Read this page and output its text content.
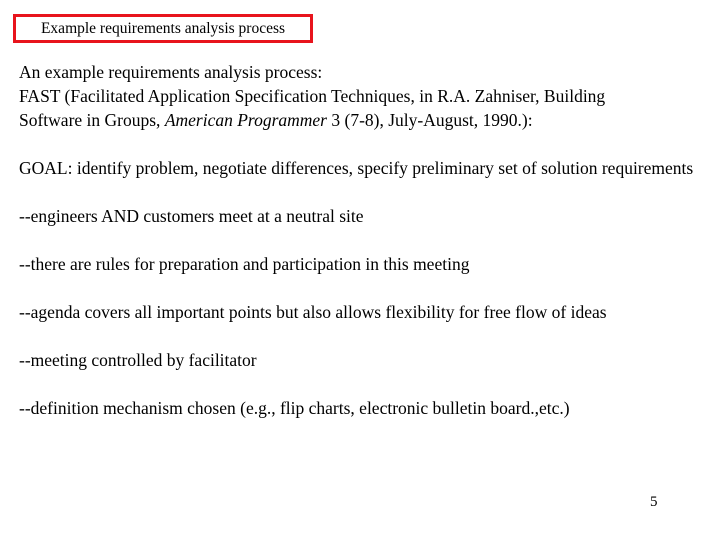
Example requirements analysis process

An example requirements analysis process:
FAST (Facilitated Application Specification Techniques, in R.A. Zahniser, Building
Software in Groups, American Programmer 3 (7-8), July-August, 1990.):

GOAL: identify problem, negotiate differences, specify preliminary set of solution requirements

--engineers AND customers meet at a neutral site

--there are rules for preparation and participation in this meeting

--agenda covers all important points but also allows flexibility for free flow of ideas

--meeting controlled by facilitator

--definition mechanism chosen (e.g., flip charts, electronic bulletin board.,etc.)

5
